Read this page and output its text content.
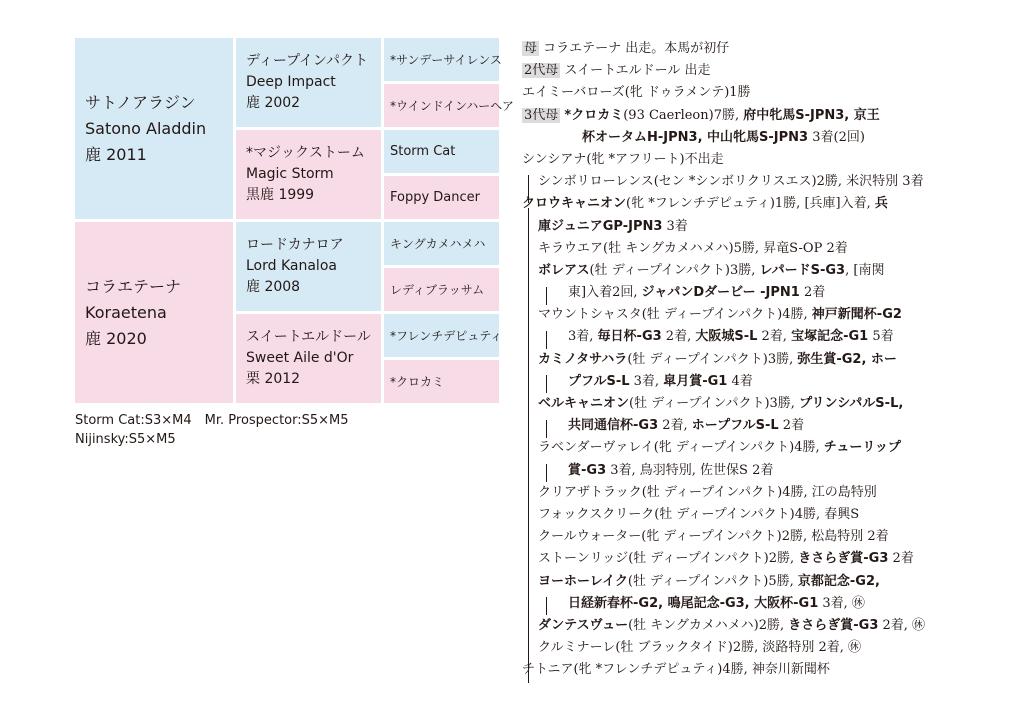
サトノアラジン
Satono Aladdin
鹿 2011
コラエテーナ
Koraetena
鹿 2020
ディープインパクト
Deep Impact
鹿 2002
*マジックストーム
Magic Storm
黒鹿 1999
ロードカナロア
Lord Kanaloa
鹿 2008
スイートエルドール
Sweet Aile d'Or
栗 2012
*サンデーサイレンス
*ウインドインハーヘア
Storm Cat
Foppy Dancer
キングカメハメハ
レディブラッサム
*フレンチデピュティ
*クロカミ
Storm Cat:S3×M4　Mr. Prospector:S5×M5
Nijinsky:S5×M5
母 コラエテーナ 出走。本馬が初仔
2代母 スイートエルドール 出走
エイミーバローズ(牝 ドゥラメンテ)1勝
3代母 *クロカミ(93 Caerleon)7勝, 府中牝馬S-JPN3, 京王
杯オータムH-JPN3, 中山牝馬S-JPN3 3着(2回)
シンシアナ(牝 *アフリート)不出走
シンボリローレンス(セン *シンボリクリスエス)2勝, 米沢特別 3着
クロウキャニオン(牝 *フレンチデピュティ)1勝, [兵庫]入着, 兵
庫ジュニアGP-JPN3 3着
キラウエア(牡 キングカメハメハ)5勝, 昇竜S-OP 2着
ボレアス(牡 ディープインパクト)3勝, レパードS-G3, [南関
東]入着2回, ジャパンDダービー -JPN1 2着
マウントシャスタ(牡 ディープインパクト)4勝, 神戸新聞杯-G2
3着, 毎日杯-G3 2着, 大阪城S-L 2着, 宝塚記念-G1 5着
カミノタサハラ(牡 ディープインパクト)3勝, 弥生賞-G2, ホー
プフルS-L 3着, 皐月賞-G1 4着
ベルキャニオン(牡 ディープインパクト)3勝, プリンシパルS-L,
共同通信杯-G3 2着, ホープフルS-L 2着
ラベンダーヴァレイ(牝 ディープインパクト)4勝, チューリップ
賞-G3 3着, 鳥羽特別, 佐世保S 2着
クリアザトラック(牡 ディープインパクト)4勝, 江の島特別
フォックスクリーク(牡 ディープインパクト)4勝, 春興S
クールウォーター(牝 ディープインパクト)2勝, 松島特別 2着
ストーンリッジ(牡 ディープインパクト)2勝, きさらぎ賞-G3 2着
ヨーホーレイク(牡 ディープインパクト)5勝, 京都記念-G2,
日経新春杯-G2, 鳴尾記念-G3, 大阪杯-G1 3着, ㊡
ダンテスヴュー(牡 キングカメハメハ)2勝, きさらぎ賞-G3 2着, ㊡
クルミナーレ(牡 ブラックタイド)2勝, 淡路特別 2着, ㊡
チトニア(牝 *フレンチデピュティ)4勝, 神奈川新聞杯
